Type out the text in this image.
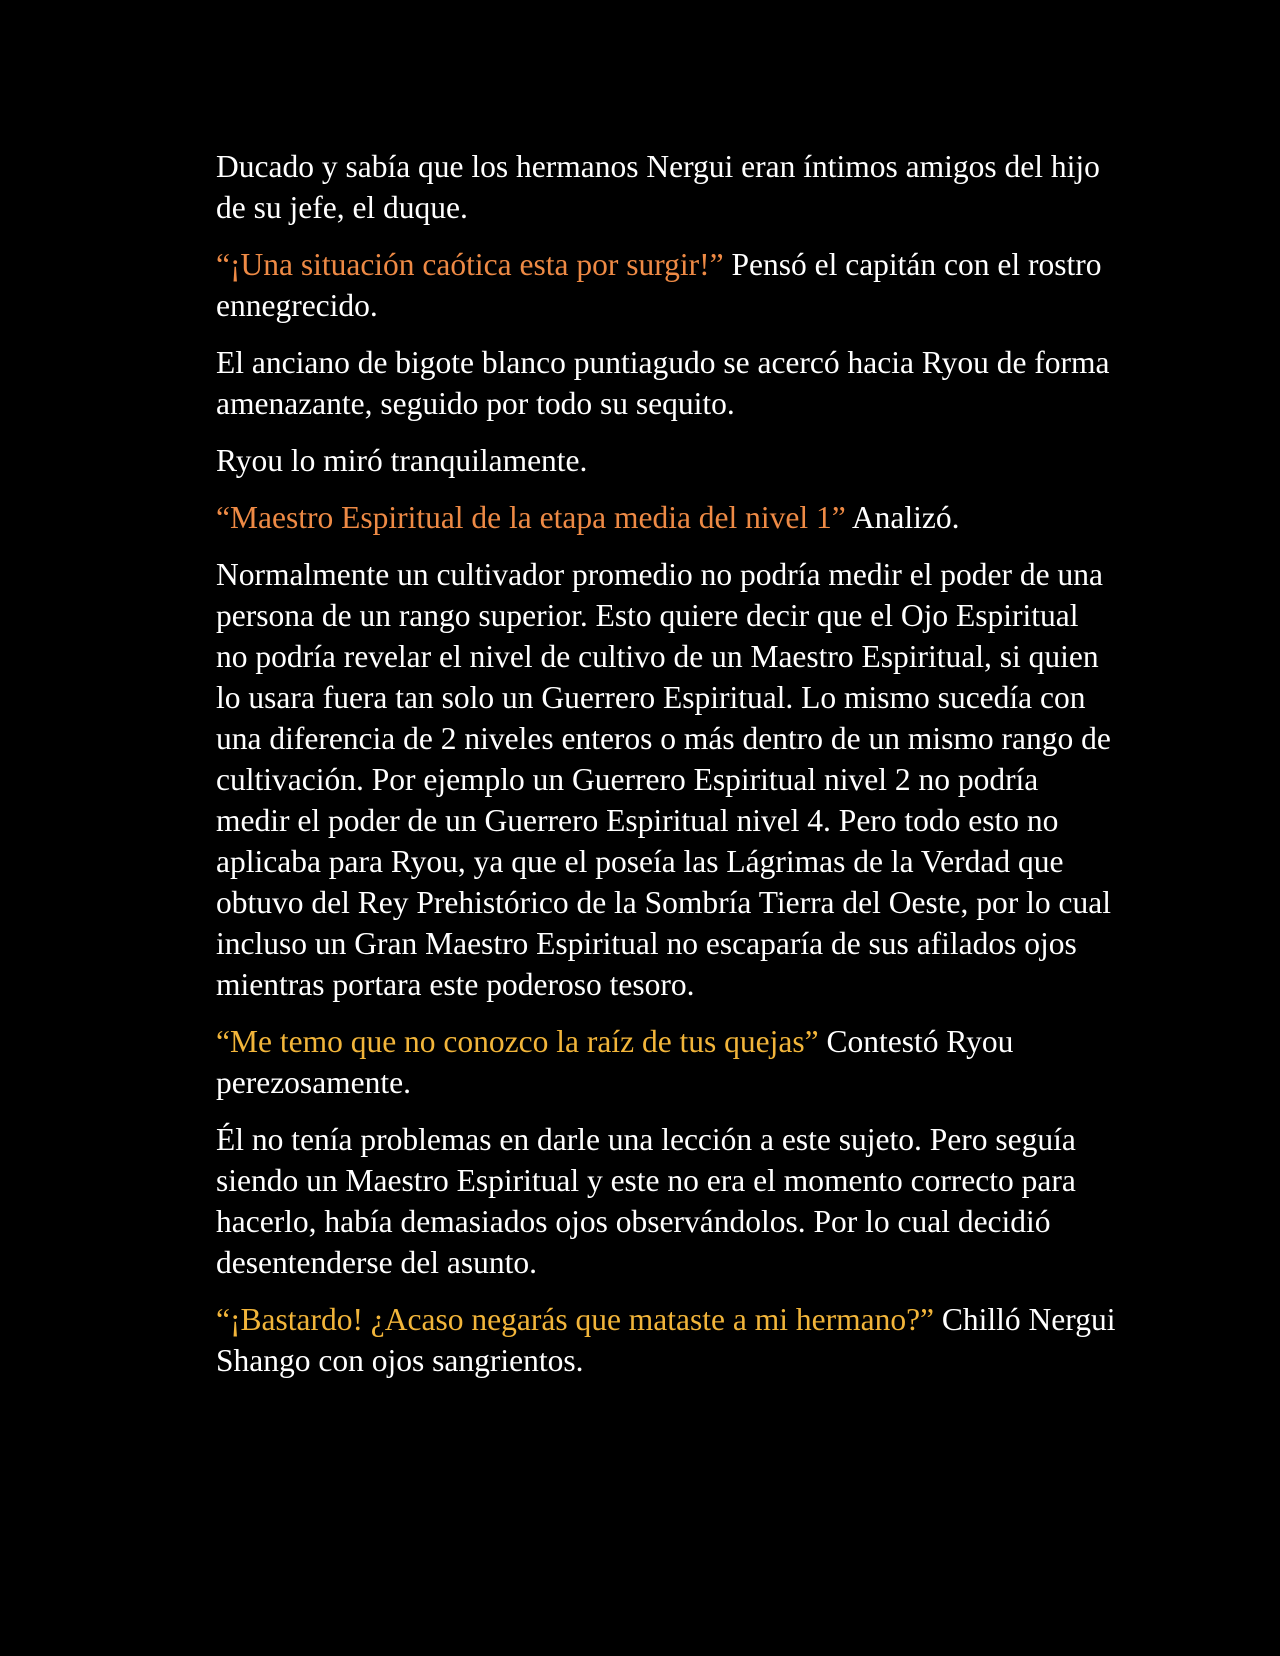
Ducado y sabía que los hermanos Nergui eran íntimos amigos del hijo de su jefe, el duque.

“¡Una situación caótica esta por surgir!” Pensó el capitán con el rostro ennegrecido.

El anciano de bigote blanco puntiagudo se acercó hacia Ryou de forma amenazante, seguido por todo su sequito.

Ryou lo miró tranquilamente.

“Maestro Espiritual de la etapa media del nivel 1” Analizó.

Normalmente un cultivador promedio no podría medir el poder de una persona de un rango superior. Esto quiere decir que el Ojo Espiritual no podría revelar el nivel de cultivo de un Maestro Espiritual, si quien lo usara fuera tan solo un Guerrero Espiritual. Lo mismo sucedía con una diferencia de 2 niveles enteros o más dentro de un mismo rango de cultivación. Por ejemplo un Guerrero Espiritual nivel 2 no podría medir el poder de un Guerrero Espiritual nivel 4. Pero todo esto no aplicaba para Ryou, ya que el poseía las Lágrimas de la Verdad que obtuvo del Rey Prehistórico de la Sombría Tierra del Oeste, por lo cual incluso un Gran Maestro Espiritual no escaparía de sus afilados ojos mientras portara este poderoso tesoro.

“Me temo que no conozco la raíz de tus quejas” Contestó Ryou perezosamente.

Él no tenía problemas en darle una lección a este sujeto. Pero seguía siendo un Maestro Espiritual y este no era el momento correcto para hacerlo, había demasiados ojos observándolos. Por lo cual decidió desentenderse del asunto.

“¡Bastardo! ¿Acaso negarás que mataste a mi hermano?” Chilló Nergui Shango con ojos sangrientos.
